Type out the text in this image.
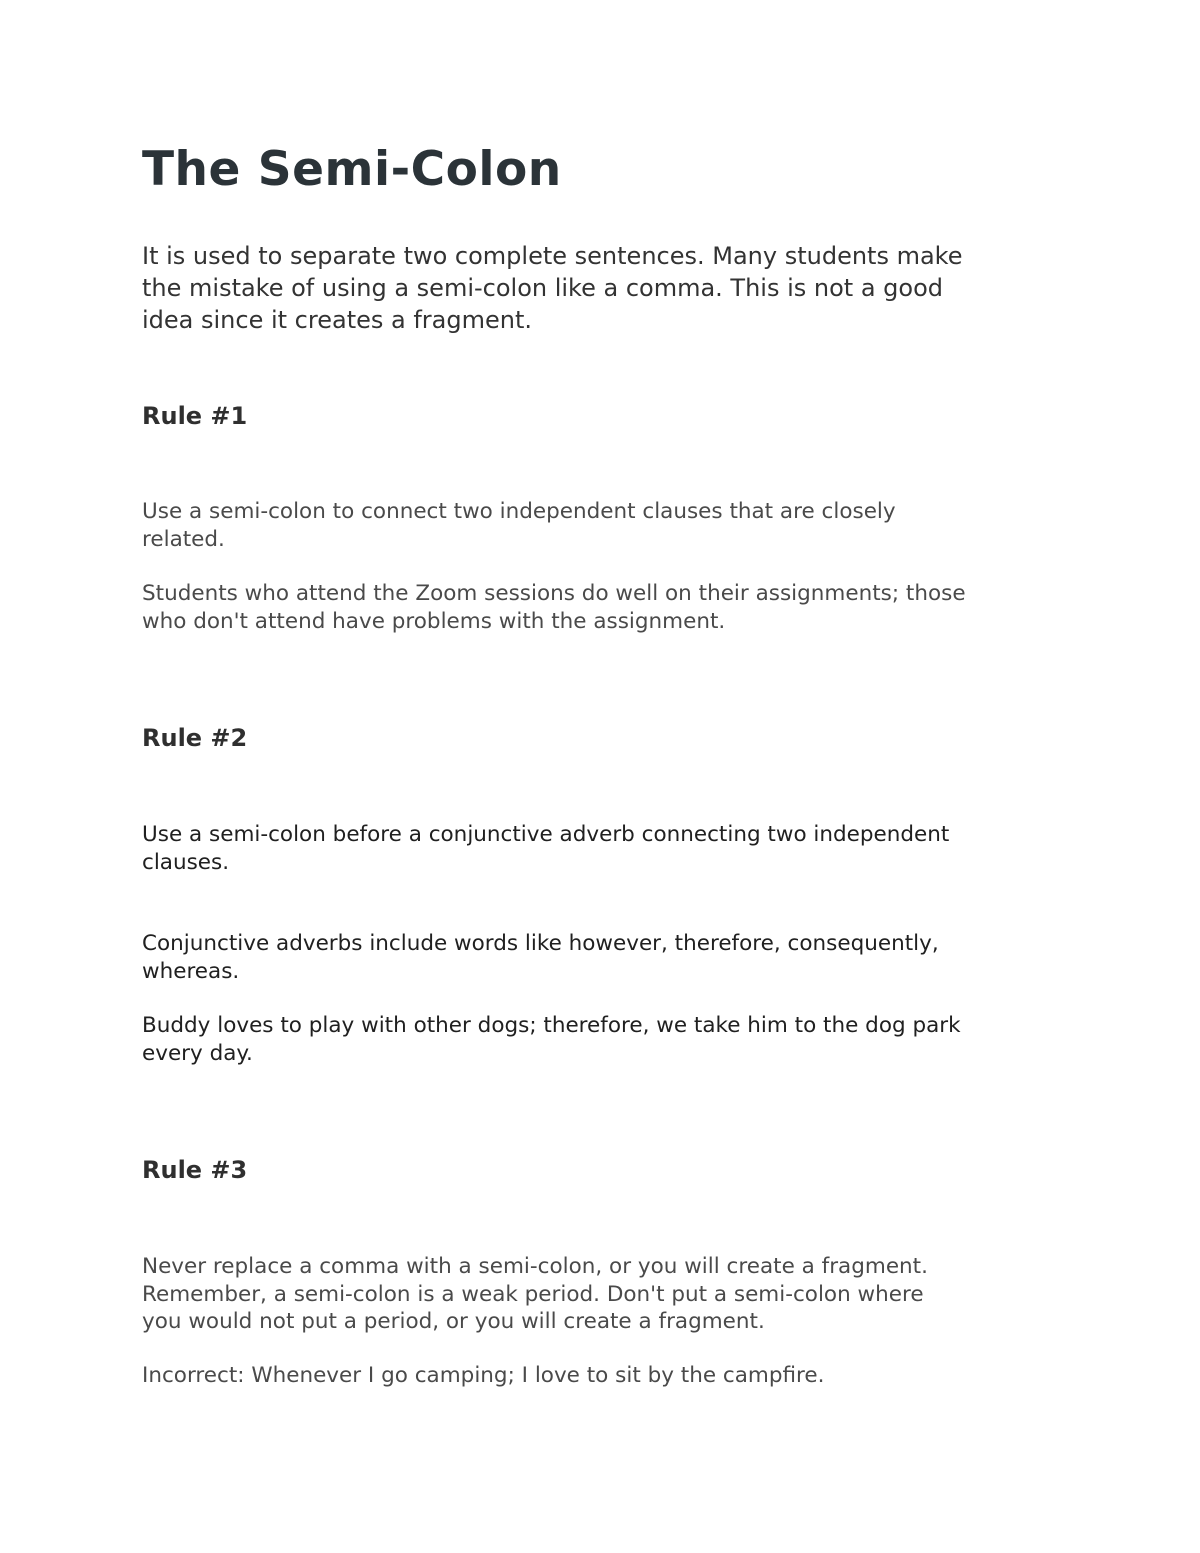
The Semi-Colon

It is used to separate two complete sentences. Many students make
the mistake of using a semi-colon like a comma. This is not a good
idea since it creates a fragment.

Rule #1

Use a semi-colon to connect two independent clauses that are closely
related.

Students who attend the Zoom sessions do well on their assignments; those
who don't attend have problems with the assignment.

Rule #2

Use a semi-colon before a conjunctive adverb connecting two independent
clauses.

Conjunctive adverbs include words like however, therefore, consequently,
whereas.

Buddy loves to play with other dogs; therefore, we take him to the dog park
every day.

Rule #3

Never replace a comma with a semi-colon, or you will create a fragment.
Remember, a semi-colon is a weak period. Don't put a semi-colon where
you would not put a period, or you will create a fragment.

Incorrect: Whenever I go camping; I love to sit by the campfire.
